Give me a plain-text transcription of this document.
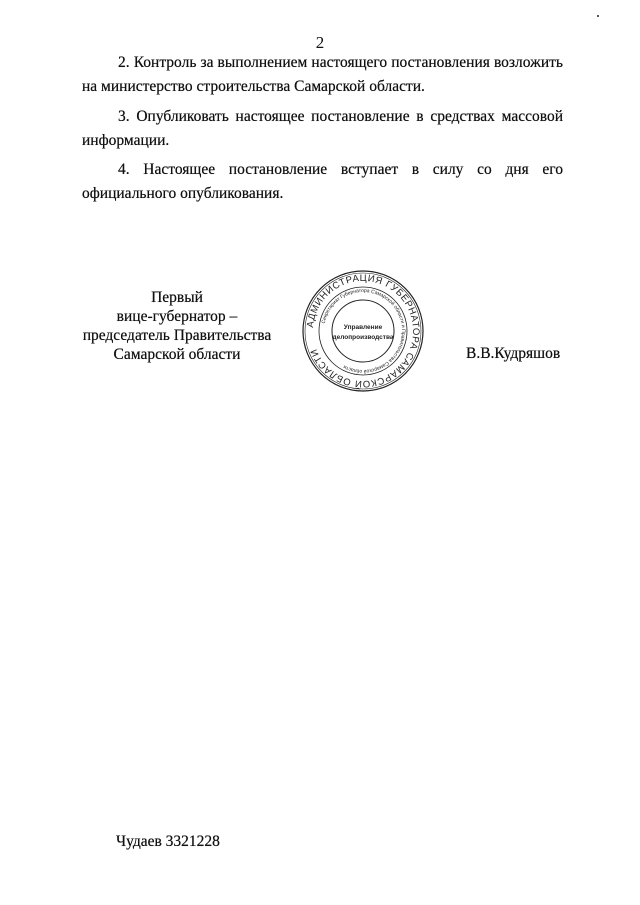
2
2. Контроль за выполнением настоящего постановления возложить на министерство строительства Самарской области.
3. Опубликовать настоящее постановление в средствах массовой информации.
4. Настоящее постановление вступает в силу со дня его официального опубликования.
Первый
вице-губернатор –
председатель Правительства
Самарской области
АДМИНИСТРАЦИЯ ГУБЕРНАТОРА САМАРСКОЙ ОБЛАСТИ
Секретариат Губернатора Самарской области и Правительства Самарской области
Управление
делопроизводства
В.В.Кудряшов
Чудаев 3321228
